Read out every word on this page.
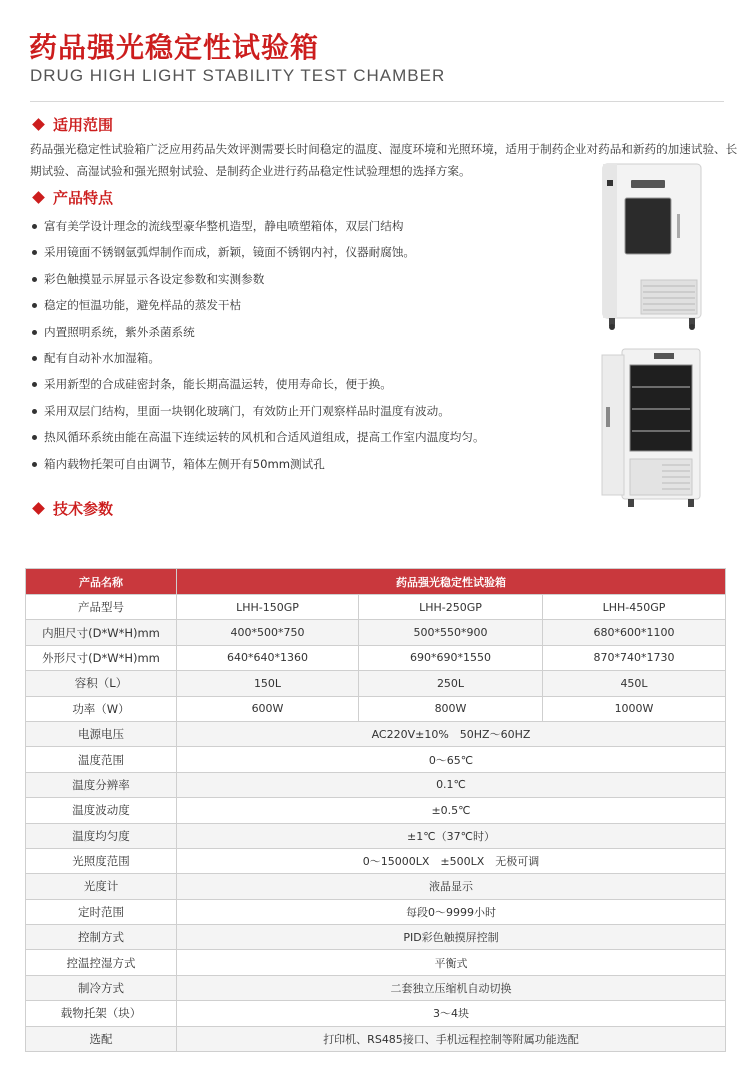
药品强光稳定性试验箱
DRUG HIGH LIGHT STABILITY TEST CHAMBER
适用范围
药品强光稳定性试验箱广泛应用药品失效评测需要长时间稳定的温度、湿度环境和光照环境，适用于制药企业对药品和新药的加速试验、长期试验、高湿试验和强光照射试验、是制药企业进行药品稳定性试验理想的选择方案。
产品特点
富有美学设计理念的流线型豪华整机造型，静电喷塑箱体，双层门结构
采用镜面不锈钢氩弧焊制作而成，新颖，镜面不锈钢内衬，仪器耐腐蚀。
彩色触摸显示屏显示各设定参数和实测参数
稳定的恒温功能，避免样品的蒸发干枯
内置照明系统，紫外杀菌系统
配有自动补水加湿箱。
采用新型的合成硅密封条，能长期高温运转，使用寿命长，便于换。
采用双层门结构，里面一块钢化玻璃门，有效防止开门观察样品时温度有波动。
热风循环系统由能在高温下连续运转的风机和合适风道组成，提高工作室内温度均匀。
箱内载物托架可自由调节，箱体左侧开有50mm测试孔
技术参数
产品名称	药品强光稳定性试验箱		
产品型号	LHH-150GP	LHH-250GP	LHH-450GP
内胆尺寸(D*W*H)mm	400*500*750	500*550*900	680*600*1100
外形尺寸(D*W*H)mm	640*640*1360	690*690*1550	870*740*1730
容积（L）	150L	250L	450L
功率（W）	600W	800W	1000W
电源电压	AC220V±10%　50HZ～60HZ		
温度范围	0～65℃		
温度分辨率	0.1℃		
温度波动度	±0.5℃		
温度均匀度	±1℃（37℃时）		
光照度范围	0～15000LX　±500LX　无极可调		
光度计	液晶显示		
定时范围	每段0～9999小时		
控制方式	PID彩色触摸屏控制		
控温控湿方式	平衡式		
制冷方式	二套独立压缩机自动切换		
载物托架（块）	3～4块		
选配	打印机、RS485接口、手机远程控制等附属功能选配		
